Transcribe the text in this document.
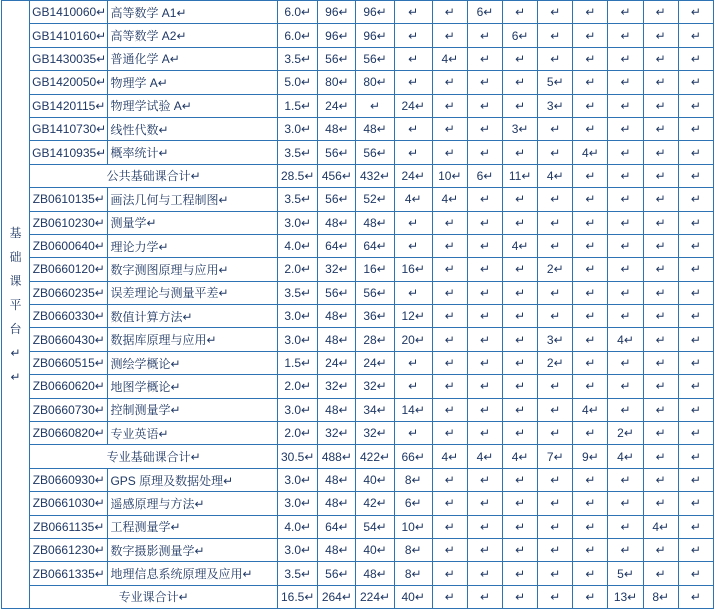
基
础
课
平
台
↵
↵
	GB1410060↵	高等数学 A1↵	6.0↵	96↵	96↵	↵	↵	6↵	↵	↵	↵	↵	↵	↵
	GB1410160↵	高等数学 A2↵	6.0↵	96↵	96↵	↵	↵	↵	6↵	↵	↵	↵	↵	↵
	GB1430035↵	普通化学 A↵	3.5↵	56↵	56↵	↵	4↵	↵	↵	↵	↵	↵	↵	↵
	GB1420050↵	物理学 A↵	5.0↵	80↵	80↵	↵	↵	↵	↵	5↵	↵	↵	↵	↵
	GB1420115↵	物理学试验 A↵	1.5↵	24↵	↵	24↵	↵	↵	↵	3↵	↵	↵	↵	↵
	GB1410730↵	线性代数↵	3.0↵	48↵	48↵	↵	↵	↵	3↵	↵	↵	↵	↵	↵
	GB1410935↵	概率统计↵	3.5↵	56↵	56↵	↵	↵	↵	↵	↵	4↵	↵	↵	↵
	公共基础课合计↵		28.5↵	456↵	432↵	24↵	10↵	6↵	11↵	4↵	↵	↵	↵	↵
	ZB0610135↵	画法几何与工程制图↵	3.5↵	56↵	52↵	4↵	4↵	↵	↵	↵	↵	↵	↵	↵
	ZB0610230↵	测量学↵	3.0↵	48↵	48↵	↵	↵	↵	↵	↵	↵	↵	↵	↵
	ZB0600640↵	理论力学↵	4.0↵	64↵	64↵	↵	↵	↵	4↵	↵	↵	↵	↵	↵
	ZB0660120↵	数字测图原理与应用↵	2.0↵	32↵	16↵	16↵	↵	↵	↵	2↵	↵	↵	↵	↵
	ZB0660235↵	误差理论与测量平差↵	3.5↵	56↵	56↵	↵	↵	↵	↵	↵	↵	↵	↵	↵
	ZB0660330↵	数值计算方法↵	3.0↵	48↵	36↵	12↵	↵	↵	↵	↵	↵	↵	↵	↵
	ZB0660430↵	数据库原理与应用↵	3.0↵	48↵	28↵	20↵	↵	↵	↵	3↵	↵	4↵	↵	↵
	ZB0660515↵	测绘学概论↵	1.5↵	24↵	24↵	↵	↵	↵	↵	2↵	↵	↵	↵	↵
	ZB0660620↵	地图学概论↵	2.0↵	32↵	32↵	↵	↵	↵	↵	↵	↵	↵	↵	↵
	ZB0660730↵	控制测量学↵	3.0↵	48↵	34↵	14↵	↵	↵	↵	↵	4↵	↵	↵	↵
	ZB0660820↵	专业英语↵	2.0↵	32↵	32↵	↵	↵	↵	↵	↵	↵	2↵	↵	↵
	专业基础课合计↵		30.5↵	488↵	422↵	66↵	4↵	4↵	4↵	7↵	9↵	4↵	↵	↵
	ZB0660930↵	GPS 原理及数据处理↵	3.0↵	48↵	40↵	8↵	↵	↵	↵	↵	↵	↵	↵	↵
	ZB0661030↵	遥感原理与方法↵	3.0↵	48↵	42↵	6↵	↵	↵	↵	↵	↵	↵	↵	↵
	ZB0661135↵	工程测量学↵	4.0↵	64↵	54↵	10↵	↵	↵	↵	↵	↵	↵	4↵	↵
	ZB0661230↵	数字摄影测量学↵	3.0↵	48↵	40↵	8↵	↵	↵	↵	↵	↵	↵	↵	↵
	ZB0661335↵	地理信息系统原理及应用↵	3.5↵	56↵	48↵	8↵	↵	↵	↵	↵	↵	5↵	↵	↵
	专业课合计↵		16.5↵	264↵	224↵	40↵	↵	↵	↵	↵	↵	13↵	8↵	↵
